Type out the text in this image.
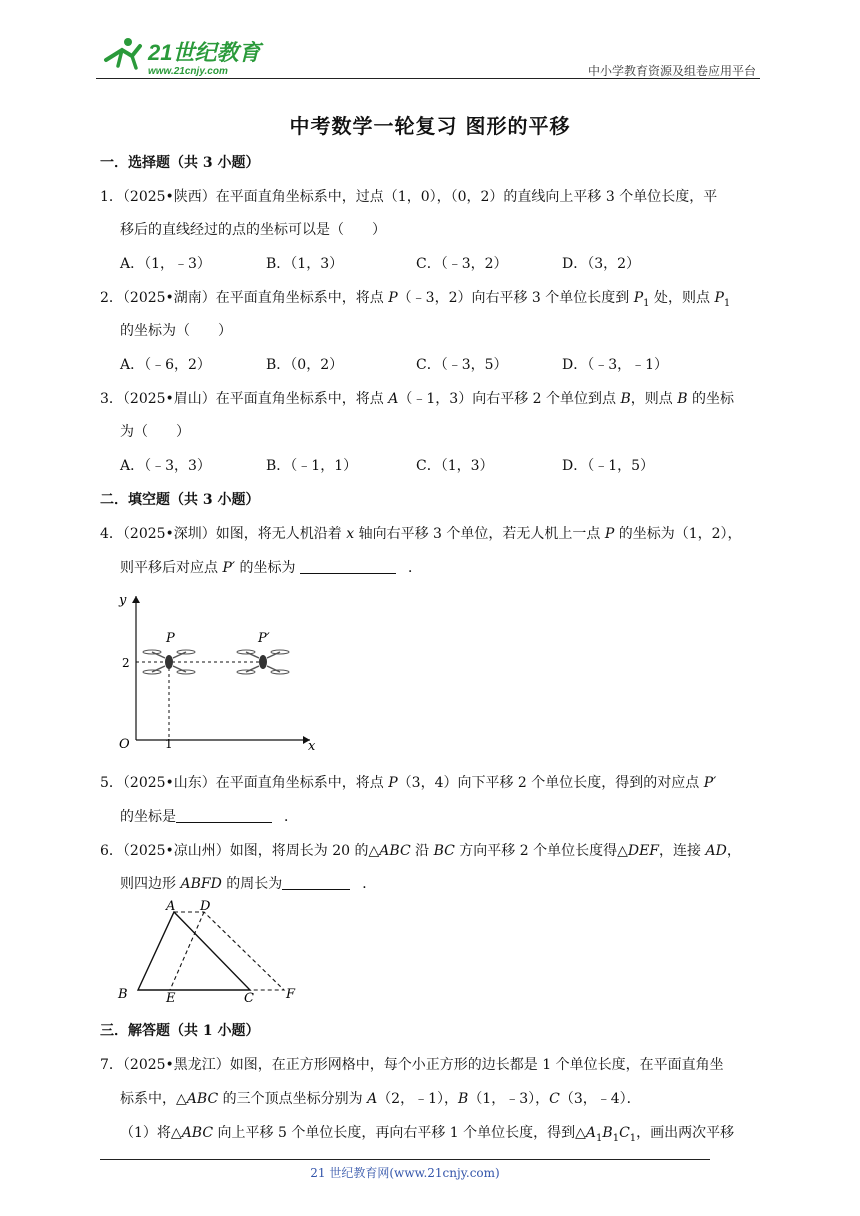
21世纪教育
www.21cnjy.com	中小学教育资源及组卷应用平台
中考数学一轮复习 图形的平移
一．选择题（共 3 小题）
1．（2025•陕西）在平面直角坐标系中，过点（1，0），（0，2）的直线向上平移 3 个单位长度，平
移后的直线经过的点的坐标可以是（　　）
A．（1，﹣3）	B．（1，3）	C．（﹣3，2）	D．（3，2）
2．（2025•湖南）在平面直角坐标系中，将点 P（﹣3，2）向右平移 3 个单位长度到 $P_1$ 处，则点 $P_1$
的坐标为（　　）
A．（﹣6，2）	B．（0，2）	C．（﹣3，5）	D．（﹣3，﹣1）
3．（2025•眉山）在平面直角坐标系中，将点 A（﹣1，3）向右平移 2 个单位到点 B，则点 B 的坐标
为（　　）
A．（﹣3，3）	B．（﹣1，1）	C．（1，3）	D．（﹣1，5）
二．填空题（共 3 小题）
4．（2025•深圳）如图，将无人机沿着 x 轴向右平移 3 个单位，若无人机上一点 P 的坐标为（1，2），
则平移后对应点 P′ 的坐标为	．
y
x
O	1
2
P	P′
5．（2025•山东）在平面直角坐标系中，将点 P（3，4）向下平移 2 个单位长度，得到的对应点 P′
的坐标是	．
6．（2025•凉山州）如图，将周长为 20 的△ABC 沿 BC 方向平移 2 个单位长度得△DEF，连接 AD，
则四边形 ABFD 的周长为	．
A D
B	E	C F
三．解答题（共 1 小题）
7．（2025•黑龙江）如图，在正方形网格中，每个小正方形的边长都是 1 个单位长度，在平面直角坐
标系中，△ABC 的三个顶点坐标分别为 A（2，﹣1），B（1，﹣3），C（3，﹣4）．
（1）将△ABC 向上平移 5 个单位长度，再向右平移 1 个单位长度，得到$\triangle A_1B_1C_1$，画出两次平移
21 世纪教育网(www.21cnjy.com)
